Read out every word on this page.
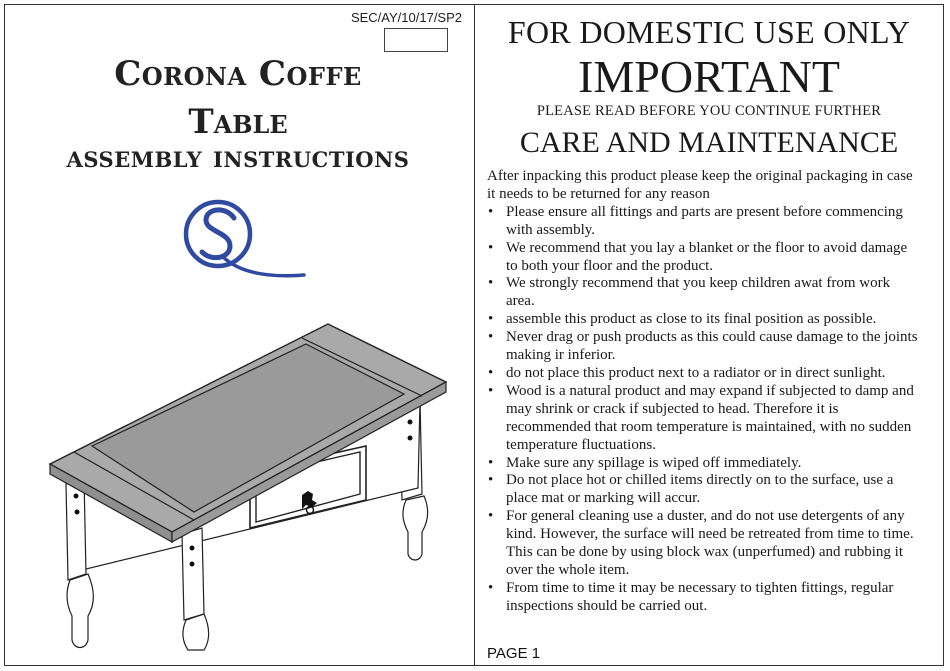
SEC/AY/10/17/SP2
Corona Coffe
Table
assembly instructions
FOR DOMESTIC USE ONLY
IMPORTANT
PLEASE READ BEFORE YOU CONTINUE FURTHER
CARE AND MAINTENANCE

After inpacking this product please keep the original packaging in case it needs to be returned for any reason

• Please ensure all fittings and parts are present before commencing with assembly.
• We recommend that you lay a blanket or the floor to avoid damage to both your floor and the product.
• We strongly recommend that you keep children awat from work area.
• assemble this product as close to its final position as possible.
• Never drag or push products as this could cause damage to the joints making ir inferior.
• do not place this product next to a radiator or in direct sunlight.
• Wood is a natural product and may expand if subjected to damp and may shrink or crack if subjected to head. Therefore it is recommended that room temperature is maintained, with no sudden temperature fluctuations.
• Make sure any spillage is wiped off immediately.
• Do not place hot or chilled items directly on to the surface, use a place mat or marking will accur.
• For general cleaning use a duster, and do not use detergents of any kind. However, the surface will need be retreated from time to time. This can be done by using block wax (unperfumed) and rubbing it over the whole item.
• From time to time it may be necessary to tighten fittings, regular inspections should be carried out.
PAGE 1
